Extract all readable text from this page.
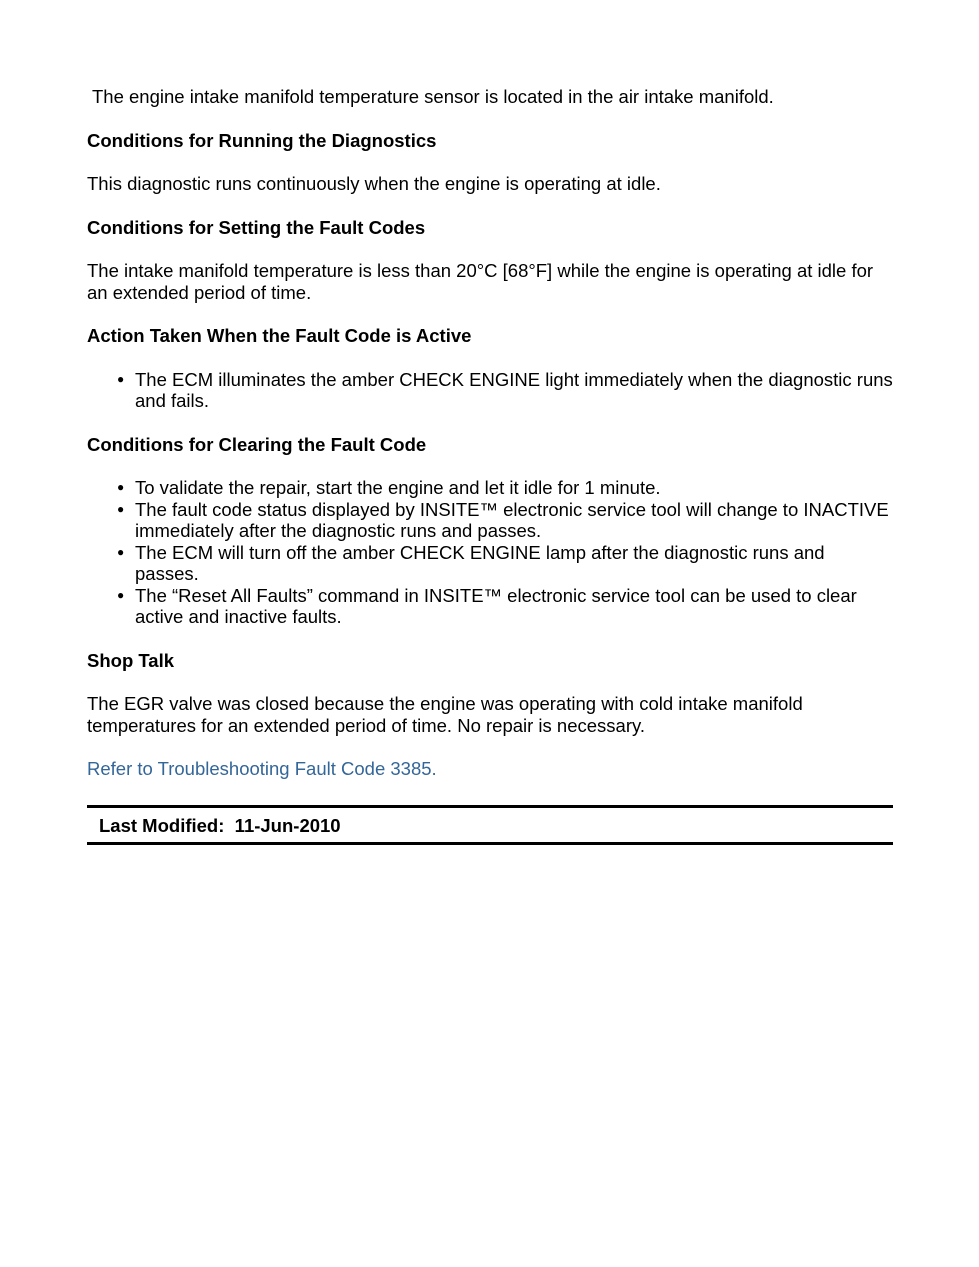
The engine intake manifold temperature sensor is located in the air intake manifold.

Conditions for Running the Diagnostics

This diagnostic runs continuously when the engine is operating at idle.

Conditions for Setting the Fault Codes

The intake manifold temperature is less than 20°C [68°F] while the engine is operating at idle for an extended period of time.

Action Taken When the Fault Code is Active
● The ECM illuminates the amber CHECK ENGINE light immediately when the diagnostic runs and fails.
Conditions for Clearing the Fault Code
● To validate the repair, start the engine and let it idle for 1 minute.
● The fault code status displayed by INSITE™ electronic service tool will change to INACTIVE immediately after the diagnostic runs and passes.
● The ECM will turn off the amber CHECK ENGINE lamp after the diagnostic runs and passes.
● The “Reset All Faults” command in INSITE™ electronic service tool can be used to clear active and inactive faults.
Shop Talk

The EGR valve was closed because the engine was operating with cold intake manifold temperatures for an extended period of time. No repair is necessary.

Refer to Troubleshooting Fault Code 3385.

Last Modified: 11-Jun-2010
